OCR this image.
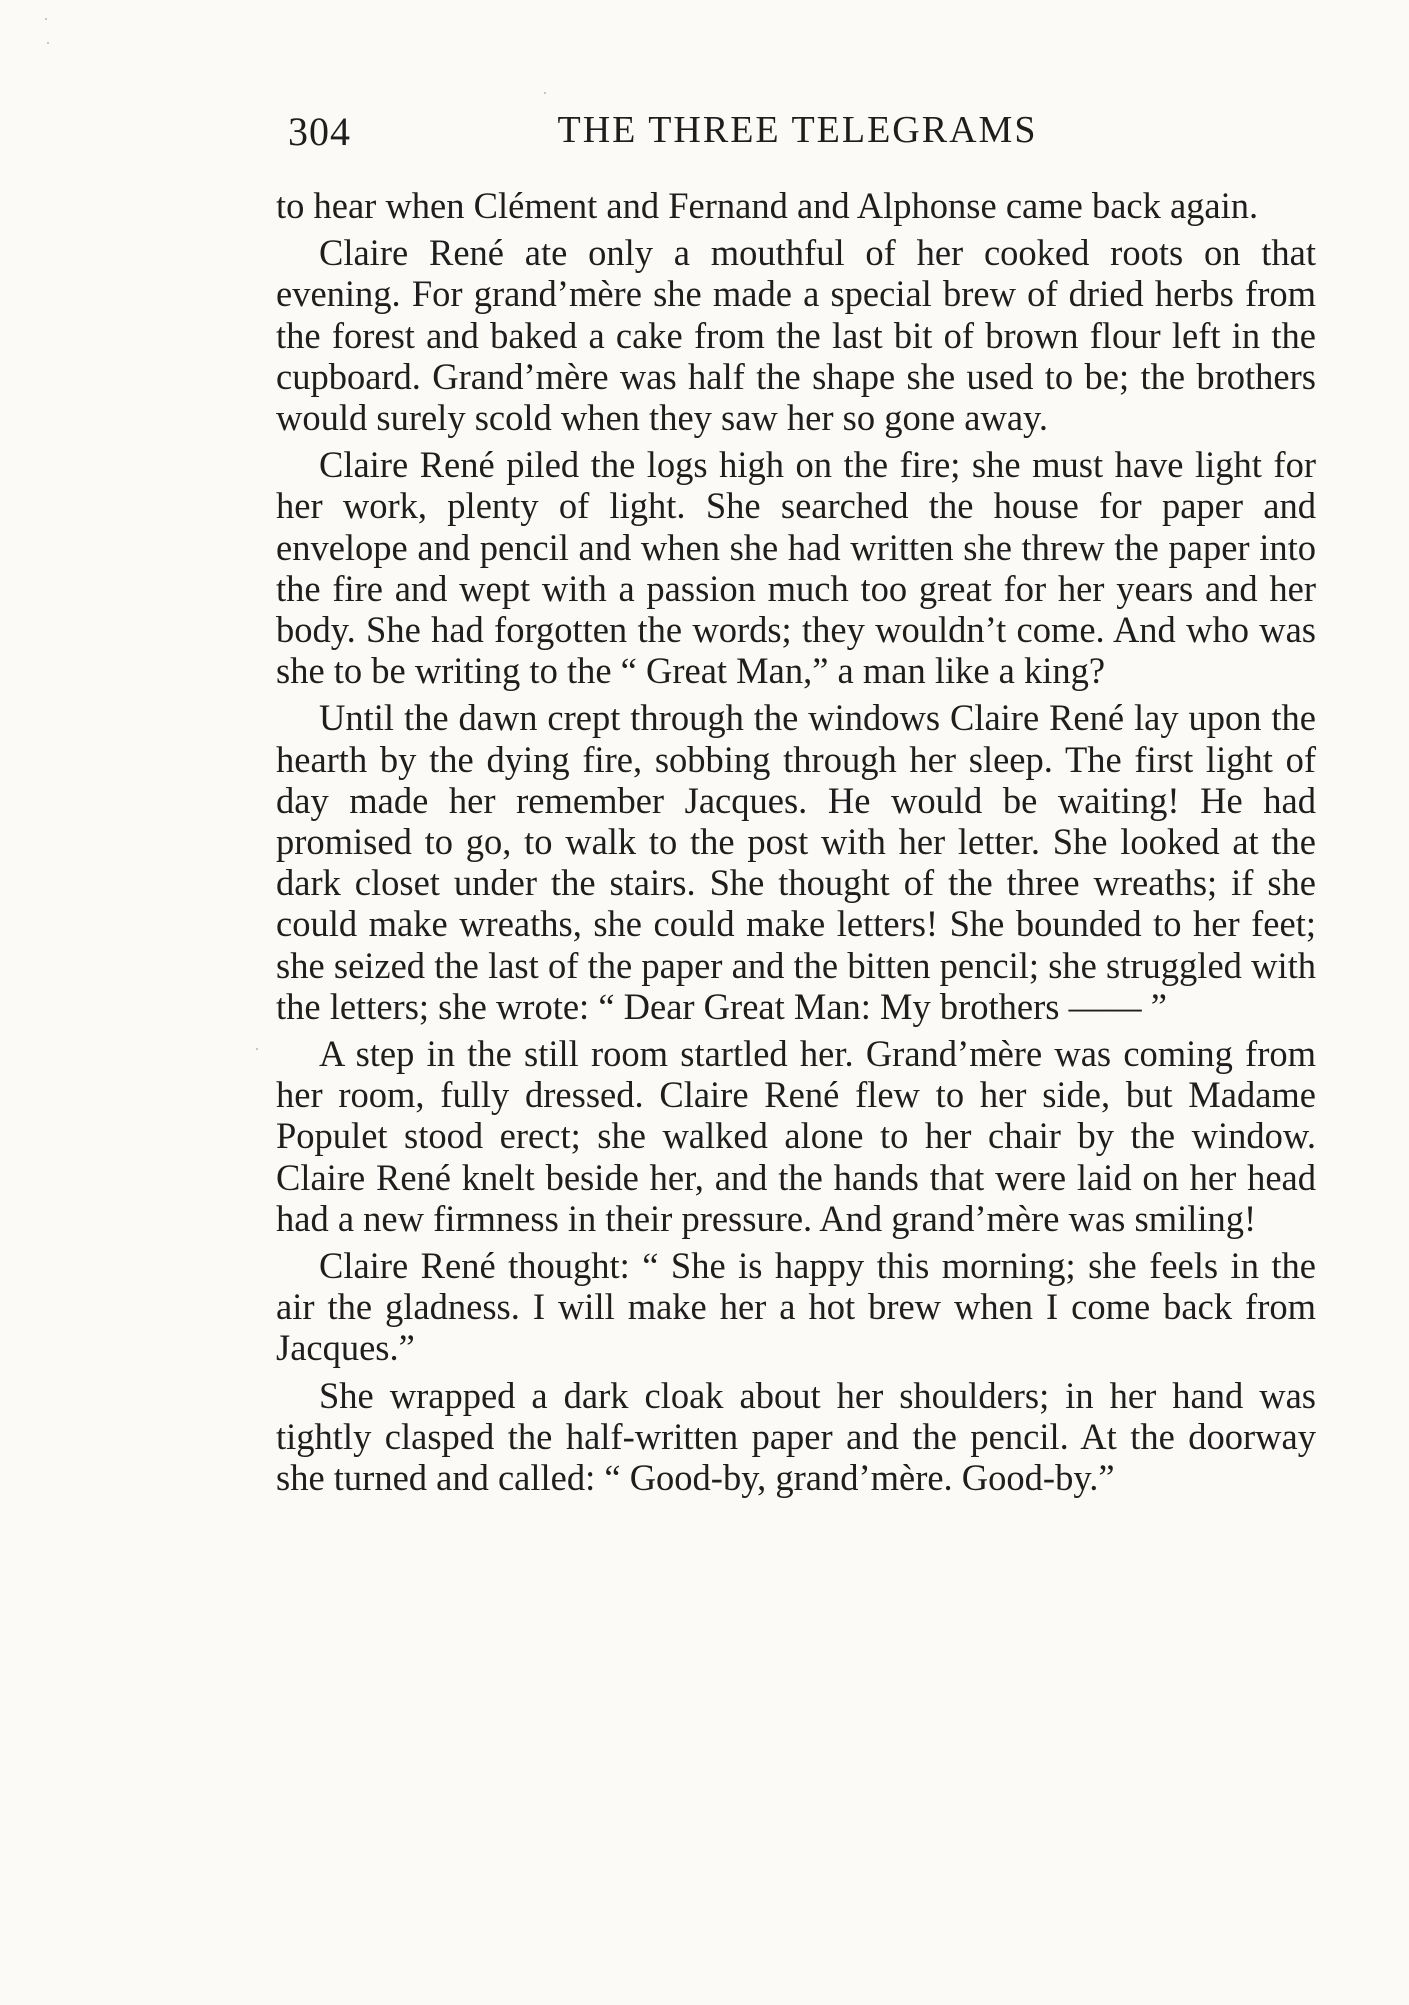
304	THE THREE TELEGRAMS

to hear when Clément and Fernand and Alphonse came back again.

Claire René ate only a mouthful of her cooked roots on that evening. For grand’mère she made a special brew of dried herbs from the forest and baked a cake from the last bit of brown flour left in the cupboard. Grand’mère was half the shape she used to be; the brothers would surely scold when they saw her so gone away.

Claire René piled the logs high on the fire; she must have light for her work, plenty of light. She searched the house for paper and envelope and pencil and when she had written she threw the paper into the fire and wept with a passion much too great for her years and her body. She had forgotten the words; they wouldn’t come. And who was she to be writing to the “ Great Man,” a man like a king?

Until the dawn crept through the windows Claire René lay upon the hearth by the dying fire, sobbing through her sleep. The first light of day made her remember Jacques. He would be waiting! He had promised to go, to walk to the post with her letter. She looked at the dark closet under the stairs. She thought of the three wreaths; if she could make wreaths, she could make letters! She bounded to her feet; she seized the last of the paper and the bitten pencil; she struggled with the letters; she wrote: “ Dear Great Man: My brothers —— ”

A step in the still room startled her. Grand’mère was coming from her room, fully dressed. Claire René flew to her side, but Madame Populet stood erect; she walked alone to her chair by the window. Claire René knelt beside her, and the hands that were laid on her head had a new firmness in their pressure. And grand’mère was smiling!

Claire René thought: “ She is happy this morning; she feels in the air the gladness. I will make her a hot brew when I come back from Jacques.”

She wrapped a dark cloak about her shoulders; in her hand was tightly clasped the half-written paper and the pencil. At the doorway she turned and called: “ Good-by, grand’mère. Good-by.”
